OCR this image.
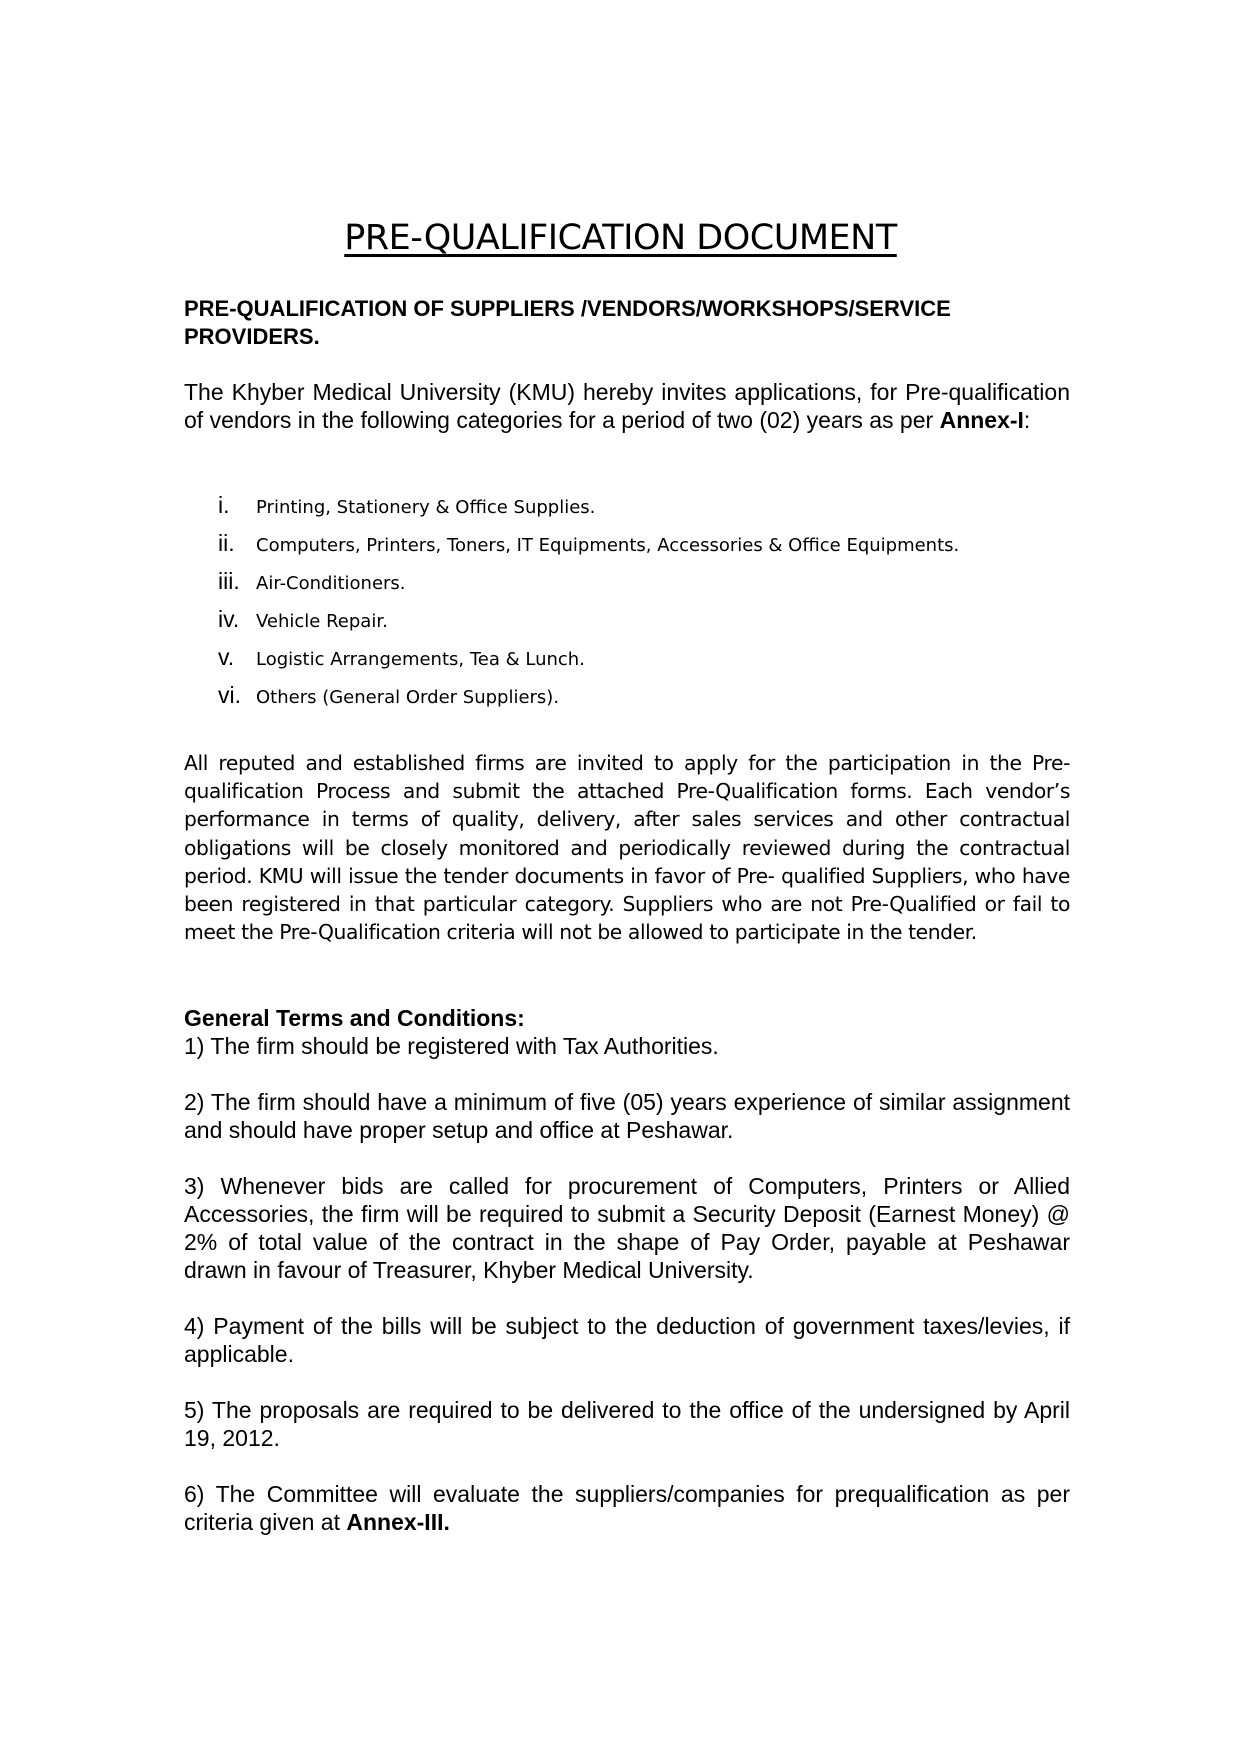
PRE-QUALIFICATION DOCUMENT
PRE-QUALIFICATION OF SUPPLIERS /VENDORS/WORKSHOPS/SERVICE PROVIDERS.
The Khyber Medical University (KMU) hereby invites applications, for Pre-qualification of vendors in the following categories for a period of two (02) years as per Annex-I:
i.	Printing, Stationery & Office Supplies.
ii.	Computers, Printers, Toners, IT Equipments, Accessories & Office Equipments.
iii. Air-Conditioners.
iv. Vehicle Repair.
v.	Logistic Arrangements, Tea & Lunch.
vi. Others (General Order Suppliers).
All reputed and established firms are invited to apply for the participation in the Pre-qualification Process and submit the attached Pre-Qualification forms. Each vendor’s performance in terms of quality, delivery, after sales services and other contractual obligations will be closely monitored and periodically reviewed during the contractual period. KMU will issue the tender documents in favor of Pre- qualified Suppliers, who have been registered in that particular category. Suppliers who are not Pre-Qualified or fail to meet the Pre-Qualification criteria will not be allowed to participate in the tender.
General Terms and Conditions:
1) The firm should be registered with Tax Authorities.
2) The firm should have a minimum of five (05) years experience of similar assignment and should have proper setup and office at Peshawar.
3) Whenever bids are called for procurement of Computers, Printers or Allied Accessories, the firm will be required to submit a Security Deposit (Earnest Money) @ 2% of total value of the contract in the shape of Pay Order, payable at Peshawar drawn in favour of Treasurer, Khyber Medical University.
4) Payment of the bills will be subject to the deduction of government taxes/levies, if applicable.
5) The proposals are required to be delivered to the office of the undersigned by April 19, 2012.
6) The Committee will evaluate the suppliers/companies for prequalification as per criteria given at Annex-III.
